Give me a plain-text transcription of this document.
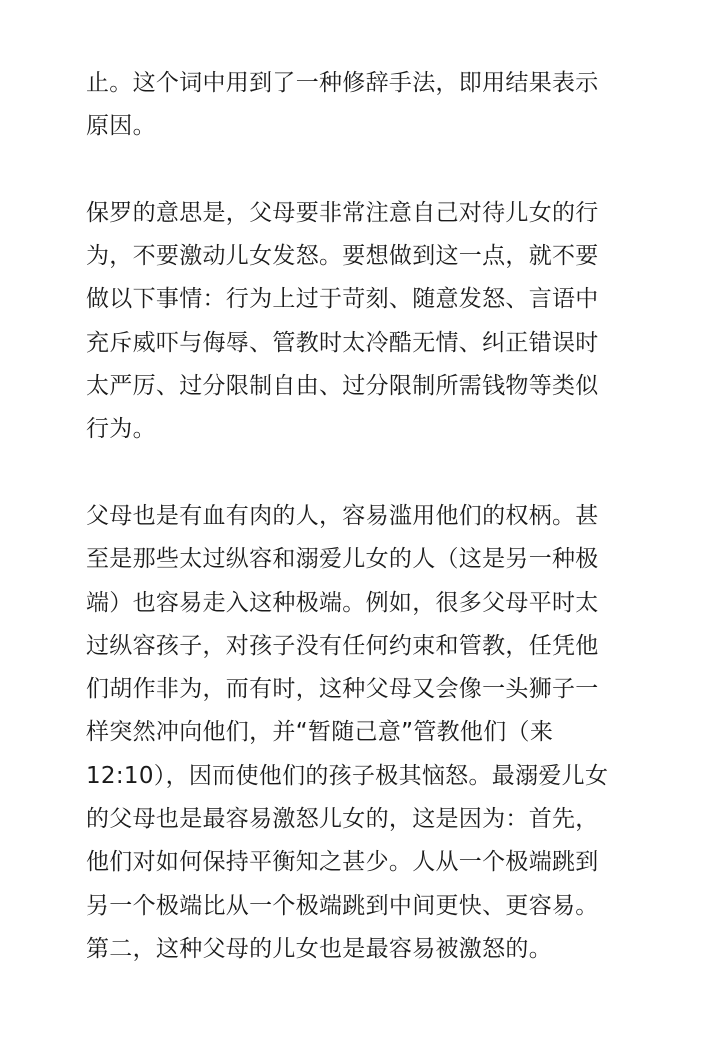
止。这个词中用到了一种修辞手法，即用结果表示
原因。

保罗的意思是，父母要非常注意自己对待儿女的行
为，不要激动儿女发怒。要想做到这一点，就不要
做以下事情：行为上过于苛刻、随意发怒、言语中
充斥威吓与侮辱、管教时太冷酷无情、纠正错误时
太严厉、过分限制自由、过分限制所需钱物等类似
行为。

父母也是有血有肉的人，容易滥用他们的权柄。甚
至是那些太过纵容和溺爱儿女的人（这是另一种极
端）也容易走入这种极端。例如，很多父母平时太
过纵容孩子，对孩子没有任何约束和管教，任凭他
们胡作非为，而有时，这种父母又会像一头狮子一
样突然冲向他们，并“暂随己意”管教他们（来
12:10），因而使他们的孩子极其恼怒。最溺爱儿女
的父母也是最容易激怒儿女的，这是因为：首先，
他们对如何保持平衡知之甚少。人从一个极端跳到
另一个极端比从一个极端跳到中间更快、更容易。
第二，这种父母的儿女也是最容易被激怒的。
